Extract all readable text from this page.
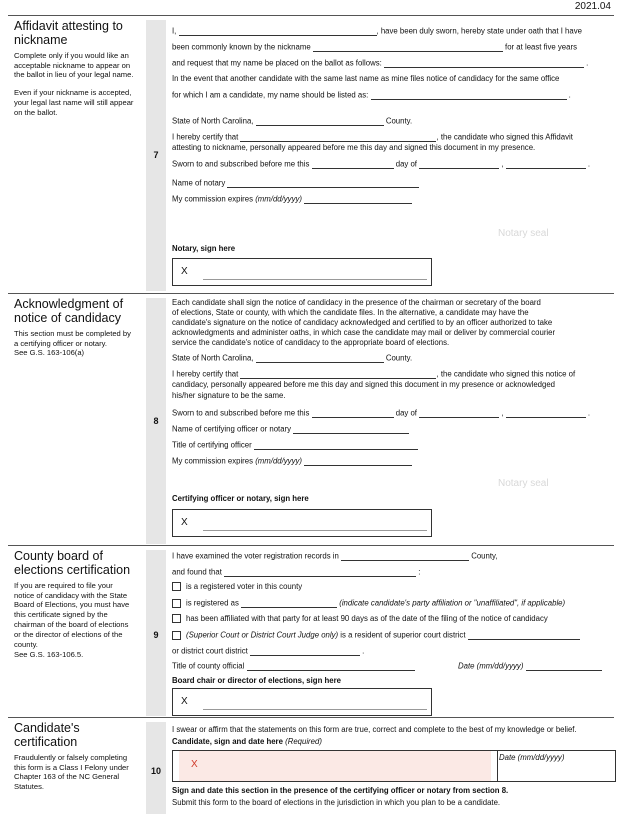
2021.04
Affidavit attesting to nickname

Complete only if you would like an acceptable nickname to appear on the ballot in lieu of your legal name.

Even if your nickname is accepted, your legal last name will still appear on the ballot.

7
I,	, have been duly sworn, hereby state under oath that I have
been commonly known by the nickname	for at least five years
and request that my name be placed on the ballot as follows:	.
In the event that another candidate with the same last name as mine files notice of candidacy for the same office
for which I am a candidate, my name should be listed as:	.
State of North Carolina,	County.
I hereby certify that	, the candidate who signed this Affidavit
attesting to nickname, personally appeared before me this day and signed this document in my presence.
Sworn to and subscribed before me this	day of	,	.
Name of notary
My commission expires (mm/dd/yyyy)
Notary seal
Notary, sign here
X
Acknowledgment of notice of candidacy

This section must be completed by a certifying officer or notary.

See G.S. 163-106(a)

8
Each candidate shall sign the notice of candidacy in the presence of the chairman or secretary of the board
of elections, State or county, with which the candidate files. In the alternative, a candidate may have the
candidate's signature on the notice of candidacy acknowledged and certified to by an officer authorized to take
acknowledgments and administer oaths, in which case the candidate may mail or deliver by commercial courier
service the candidate's notice of candidacy to the appropriate board of elections.
State of North Carolina,	County.
I hereby certify that	, the candidate who signed this notice of
candidacy, personally appeared before me this day and signed this document in my presence or acknowledged
his/her signature to be the same.
Sworn to and subscribed before me this	day of	,	.
Name of certifying officer or notary
Title of certifying officer
My commission expires (mm/dd/yyyy)
Notary seal
Certifying officer or notary, sign here
X
County board of elections certification

If you are required to file your notice of candidacy with the State Board of Elections, you must have this certificate signed by the chairman of the board of elections or the director of elections of the county.

See G.S. 163-106.5.

9
I have examined the voter registration records in	County,
and found that	:
is a registered voter in this county
is registered as	(indicate candidate's party affiliation or "unaffiliated", if applicable)
has been affiliated with that party for at least 90 days as of the date of the filing of the notice of candidacy
(Superior Court or District Court Judge only) is a resident of superior court district
or district court district	.
Title of county official	Date (mm/dd/yyyy)
Board chair or director of elections, sign here
X
Candidate's certification

Fraudulently or falsely completing this form is a Class I Felony under Chapter 163 of the NC General Statutes.

10
I swear or affirm that the statements on this form are true, correct and complete to the best of my knowledge or belief.
Candidate, sign and date here (Required)
X
Date (mm/dd/yyyy)
Sign and date this section in the presence of the certifying officer or notary from section 8.
Submit this form to the board of elections in the jurisdiction in which you plan to be a candidate.
